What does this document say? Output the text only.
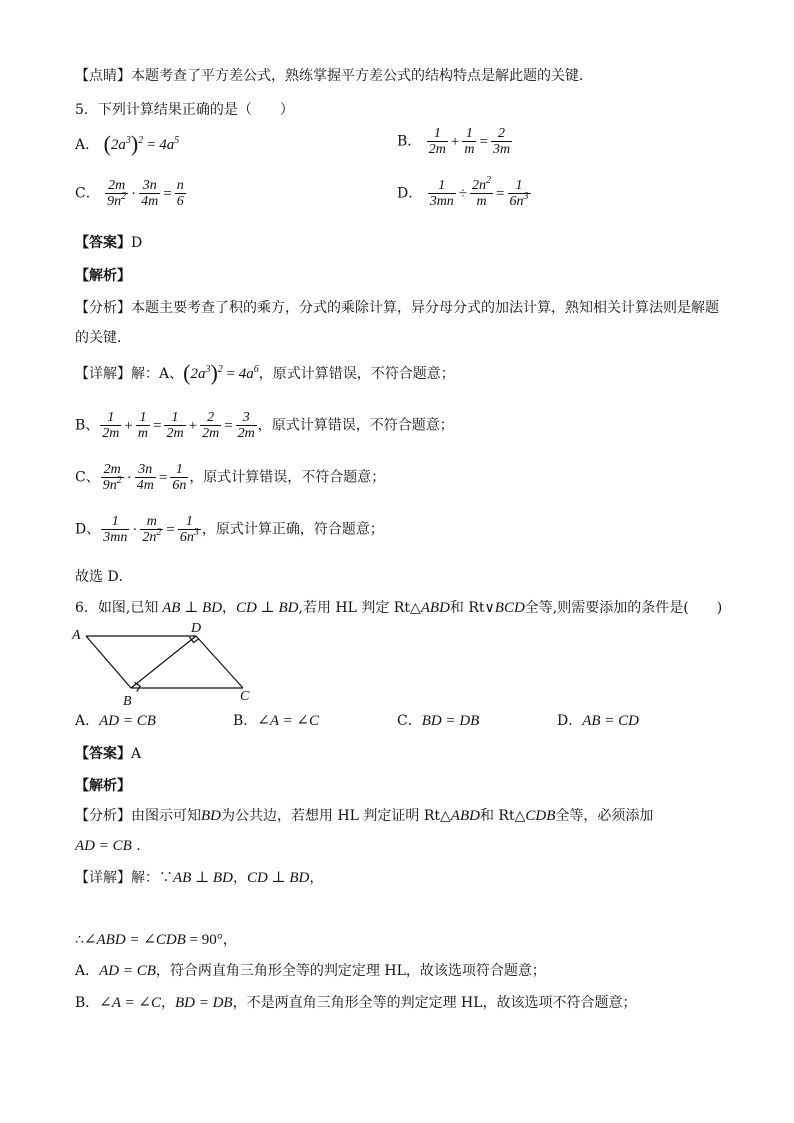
【点睛】本题考查了平方差公式，熟练掌握平方差公式的结构特点是解此题的关键．
5．下列计算结果正确的是（　　）
A． $(2a^3)^2 = 4a^5$	B． $\frac{1}{2m} + \frac{1}{m} = \frac{2}{3m}$
C． $\frac{2m}{9n^2} \cdot \frac{3n}{4m} = \frac{n}{6}$	D． $\frac{1}{3mn} \div \frac{2n^2}{m} = \frac{1}{6n^3}$
【答案】D
【解析】
【分析】本题主要考查了积的乘方，分式的乘除计算，异分母分式的加法计算，熟知相关计算法则是解题
的关键．
【详解】解：A、$(2a^3)^2 = 4a^6$，原式计算错误，不符合题意；
B、 $\frac{1}{2m} + \frac{1}{m} = \frac{1}{2m} + \frac{2}{2m} = \frac{3}{2m}$ ，原式计算错误，不符合题意；
C、 $\frac{2m}{9n^2} \cdot \frac{3n}{4m} = \frac{1}{6n}$ ，原式计算错误，不符合题意；
D、 $\frac{1}{3mn} \cdot \frac{m}{2n^2} = \frac{1}{6n^3}$ ，原式计算正确，符合题意；
故选 D．
6．如图,已知 AB ⊥ BD，CD ⊥ BD,若用 HL 判定 Rt△ABD和 Rt∨BCD全等,则需要添加的条件是(　　)
A	D
B	C
A．AD = CB	B．∠A = ∠C	C．BD = DB	D．AB = CD
【答案】A
【解析】
【分析】由图示可知BD为公共边，若想用 HL 判定证明 Rt△ABD和 Rt△CDB全等，必须添加
AD = CB .
【详解】解：∵AB ⊥ BD，CD ⊥ BD，
∴∠ABD = ∠CDB = 90°，
A．AD = CB，符合两直角三角形全等的判定定理 HL，故该选项符合题意；
B．∠A = ∠C，BD = DB，不是两直角三角形全等的判定定理 HL，故该选项不符合题意；
